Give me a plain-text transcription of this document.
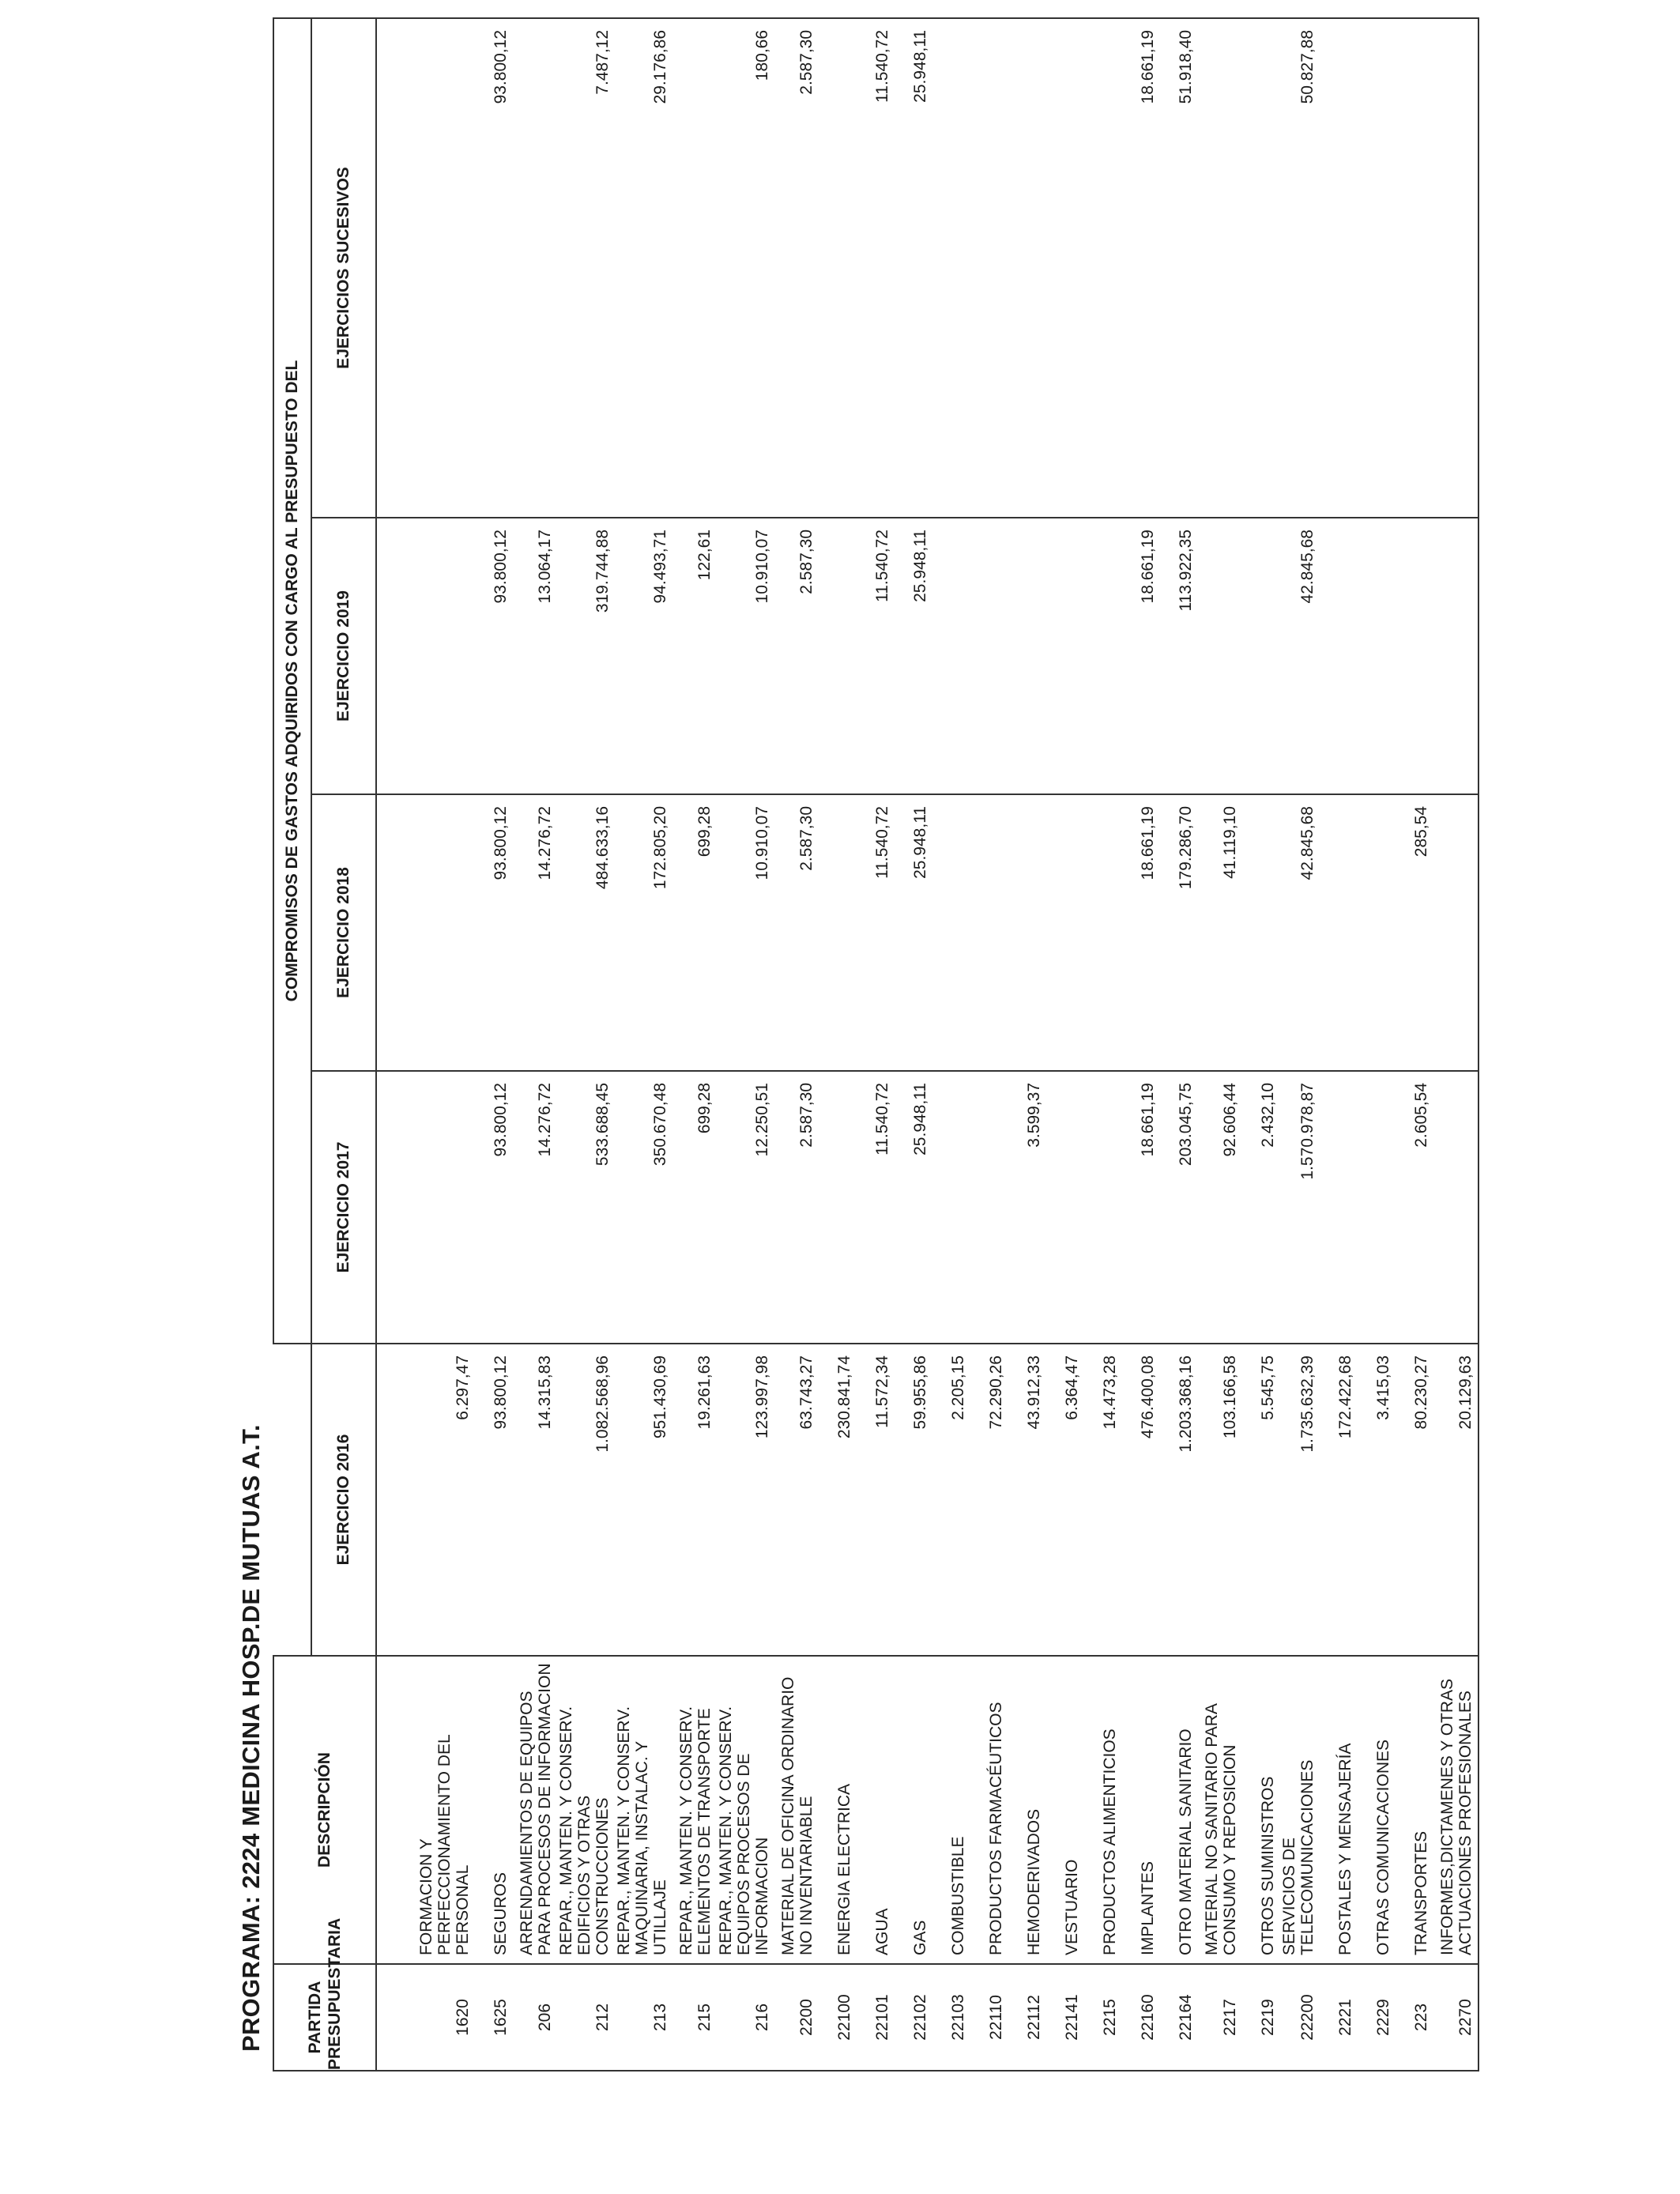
PROGRAMA: 2224 MEDICINA HOSP.DE MUTUAS A.T. PARTIDA PRESUPUESTARIA	DESCRIPCIÓN		COMPROMISOS DE GASTOS ADQUIRIDOS CON CARGO AL PRESUPUESTO DEL			
		EJERCICIO 2016	EJERCICIO 2017	EJERCICIO 2018	EJERCICIO 2019	EJERCICIOS SUCESIVOS
1620	FORMACION Y PERFECCIONAMIENTO DEL PERSONAL	6.297,47				
1625	SEGUROS	93.800,12	93.800,12	93.800,12	93.800,12	93.800,12
206	ARRENDAMIENTOS DE EQUIPOS PARA PROCESOS DE INFORMACION	14.315,83	14.276,72	14.276,72	13.064,17	
212	REPAR., MANTEN. Y CONSERV. EDIFICIOS Y OTRAS CONSTRUCCIONES	1.082.568,96	533.688,45	484.633,16	319.744,88	7.487,12
213	REPAR., MANTEN. Y CONSERV. MAQUINARIA, INSTALAC. Y UTILLAJE	951.430,69	350.670,48	172.805,20	94.493,71	29.176,86
215	REPAR., MANTEN. Y CONSERV. ELEMENTOS DE TRANSPORTE	19.261,63	699,28	699,28	122,61	
216	REPAR., MANTEN. Y CONSERV. EQUIPOS PROCESOS DE INFORMACION	123.997,98	12.250,51	10.910,07	10.910,07	180,66
2200	MATERIAL DE OFICINA ORDINARIO NO INVENTARIABLE	63.743,27	2.587,30	2.587,30	2.587,30	2.587,30
22100	ENERGIA ELECTRICA	230.841,74				
22101	AGUA	11.572,34	11.540,72	11.540,72	11.540,72	11.540,72
22102	GAS	59.955,86	25.948,11	25.948,11	25.948,11	25.948,11
22103	COMBUSTIBLE	2.205,15				
22110	PRODUCTOS FARMACÉUTICOS	72.290,26				
22112	HEMODERIVADOS	43.912,33	3.599,37			
22141	VESTUARIO	6.364,47				
2215	PRODUCTOS ALIMENTICIOS	14.473,28				
22160	IMPLANTES	476.400,08	18.661,19	18.661,19	18.661,19	18.661,19
22164	OTRO MATERIAL SANITARIO	1.203.368,16	203.045,75	179.286,70	113.922,35	51.918,40
2217	MATERIAL NO SANITARIO PARA CONSUMO Y REPOSICION	103.166,58	92.606,44	41.119,10		
2219	OTROS SUMINISTROS	5.545,75	2.432,10			
22200	SERVICIOS DE TELECOMUNICACIONES	1.735.632,39	1.570.978,87	42.845,68	42.845,68	50.827,88
2221	POSTALES Y MENSAJERÍA	172.422,68				
2229	OTRAS COMUNICACIONES	3.415,03				
223	TRANSPORTES	80.230,27	2.605,54	285,54		
2270	INFORMES,DICTAMENES Y OTRAS ACTUACIONES PROFESIONALES	20.129,63				
